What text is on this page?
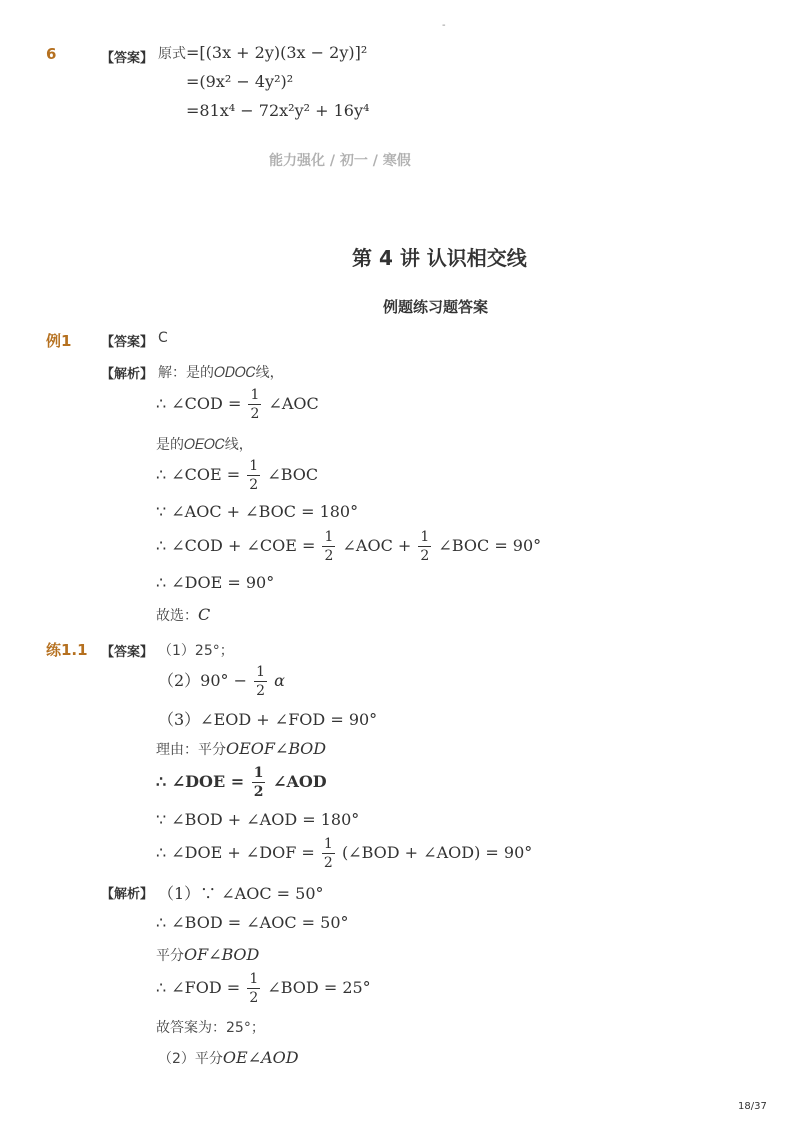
-
6	【答案】 原式=[(3x + 2y)(3x − 2y)]²
=(9x² − 4y²)²
=81x⁴ − 72x²y² + 16y⁴
能力强化 / 初一 / 寒假
第 4 讲 认识相交线
例题练习题答案
例1 【答案】 C
【解析】 解：是的𝑂𝐷𝑂𝐶线，
∴ ∠COD = $\frac{1}{2}$ ∠AOC
是的𝑂𝐸𝑂𝐶线，
∴ ∠COE = $\frac{1}{2}$ ∠BOC
∵ ∠AOC + ∠BOC = 180°
∴ ∠COD + ∠COE = $\frac{1}{2}$ ∠AOC + $\frac{1}{2}$ ∠BOC = 90°
∴ ∠DOE = 90°
故选：C
练1.1 【答案】 （1）25°；
$(2)90^\circ - \frac{1}{2}$ α
（3）∠EOD + ∠FOD = 90°
理由：平分𝑂𝐸𝑂𝐹∠𝐵𝑂𝐷
∴ ∠DOE = $\frac{1}{2}$ ∠AOD
∵ ∠BOD + ∠AOD = 180°
∴ ∠DOE + ∠DOF = $\frac{1}{2}$ (∠BOD + ∠AOD) = 90°
【解析】 （1）∵ ∠AOC = 50°
∴ ∠BOD = ∠AOC = 50°
平分𝑂𝐹∠𝐵𝑂𝐷
∴ ∠FOD = $\frac{1}{2}$ ∠BOD = 25°
故答案为：25°；
（2）平分𝑂𝐸∠𝐴𝑂𝐷
18/37
